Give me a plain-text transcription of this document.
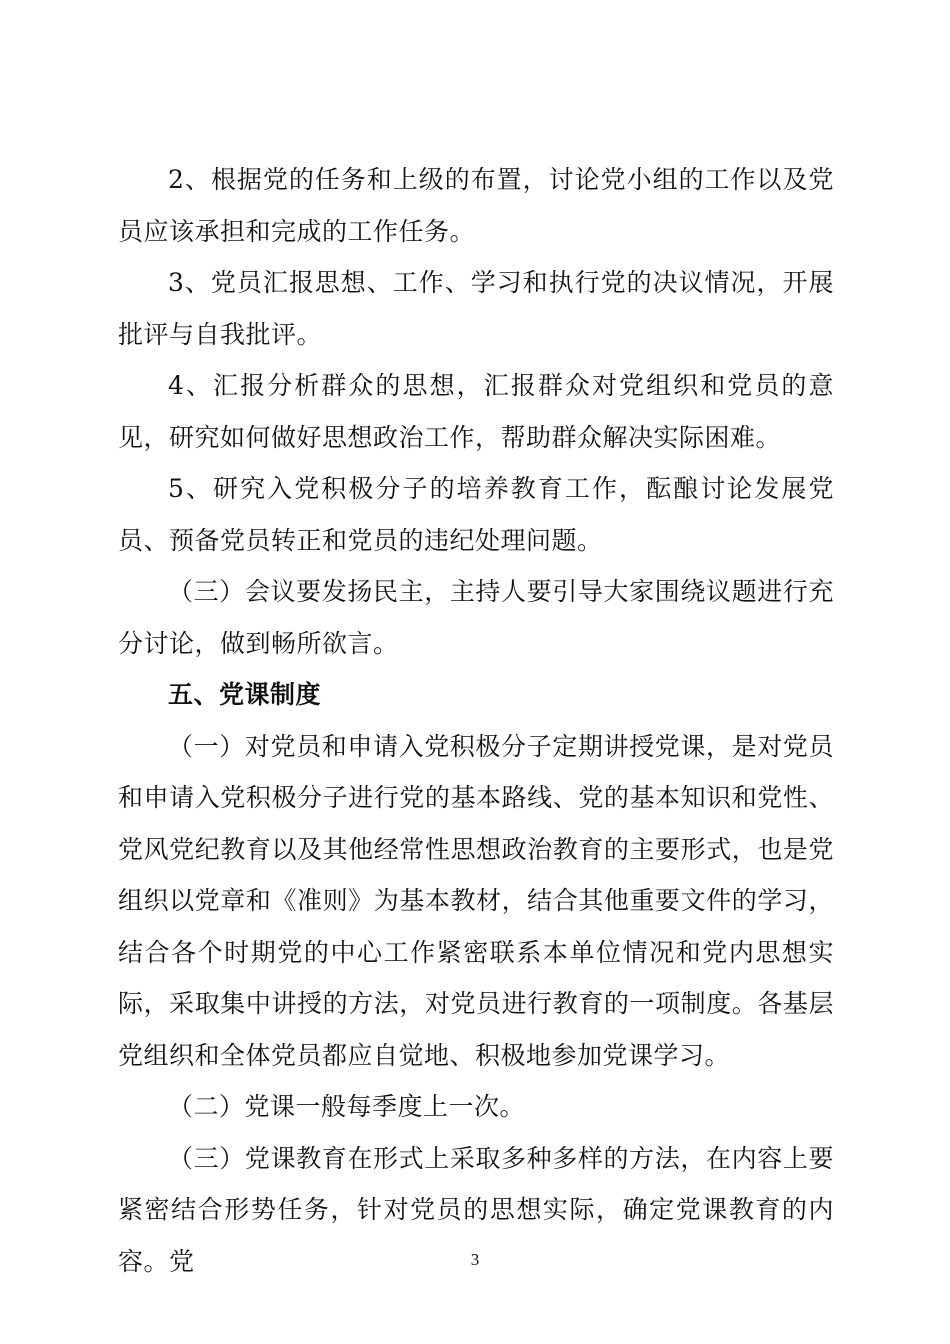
2、根据党的任务和上级的布置，讨论党小组的工作以及党员应该承担和完成的工作任务。

3、党员汇报思想、工作、学习和执行党的决议情况，开展批评与自我批评。

4、汇报分析群众的思想，汇报群众对党组织和党员的意见，研究如何做好思想政治工作，帮助群众解决实际困难。

5、研究入党积极分子的培养教育工作，酝酿讨论发展党员、预备党员转正和党员的违纪处理问题。

（三）会议要发扬民主，主持人要引导大家围绕议题进行充分讨论，做到畅所欲言。

五、党课制度

（一）对党员和申请入党积极分子定期讲授党课，是对党员和申请入党积极分子进行党的基本路线、党的基本知识和党性、党风党纪教育以及其他经常性思想政治教育的主要形式，也是党组织以党章和《准则》为基本教材，结合其他重要文件的学习，结合各个时期党的中心工作紧密联系本单位情况和党内思想实际，采取集中讲授的方法，对党员进行教育的一项制度。各基层党组织和全体党员都应自觉地、积极地参加党课学习。

（二）党课一般每季度上一次。

（三）党课教育在形式上采取多种多样的方法，在内容上要紧密结合形势任务，针对党员的思想实际，确定党课教育的内容。党	3
